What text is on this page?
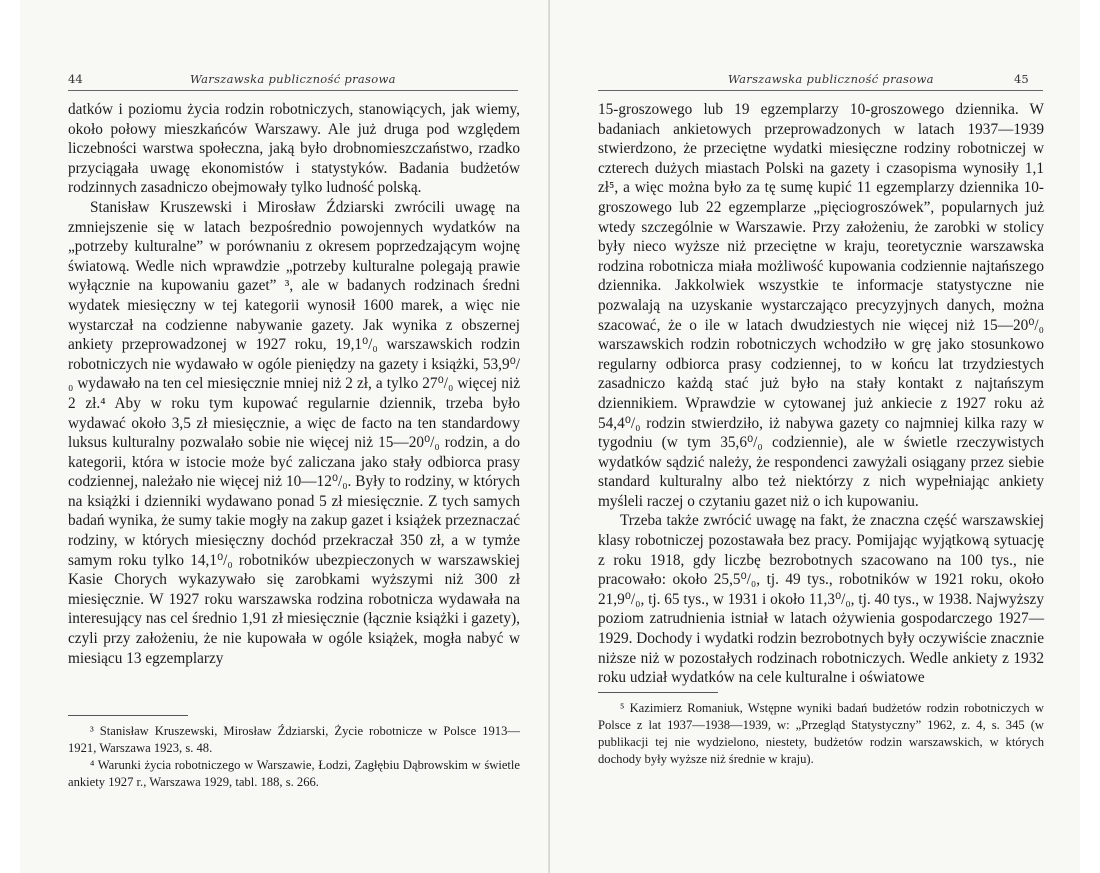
44	Warszawska publiczność prasowa

datków i poziomu życia rodzin robotniczych, stanowiących, jak wiemy, około połowy mieszkańców Warszawy. Ale już druga pod względem liczebności warstwa społeczna, jaką było drobnomieszczaństwo, rzadko przyciągała uwagę ekonomistów i statystyków. Badania budżetów rodzinnych zasadniczo obejmowały tylko ludność polską.

Stanisław Kruszewski i Mirosław Ździarski zwrócili uwagę na zmniejszenie się w latach bezpośrednio powojennych wydatków na „potrzeby kulturalne” w porównaniu z okresem poprzedzającym wojnę światową. Wedle nich wprawdzie „potrzeby kulturalne polegają prawie wyłącznie na kupowaniu gazet” ³, ale w badanych rodzinach średni wydatek miesięczny w tej kategorii wynosił 1600 marek, a więc nie wystarczał na codzienne nabywanie gazety. Jak wynika z obszernej ankiety przeprowadzonej w 1927 roku, 19,1⁰/₀ warszawskich rodzin robotniczych nie wydawało w ogóle pieniędzy na gazety i książki, 53,9⁰/₀ wydawało na ten cel miesięcznie mniej niż 2 zł, a tylko 27⁰/₀ więcej niż 2 zł.⁴ Aby w roku tym kupować regularnie dziennik, trzeba było wydawać około 3,5 zł miesięcznie, a więc de facto na ten standardowy luksus kulturalny pozwalało sobie nie więcej niż 15—20⁰/₀ rodzin, a do kategorii, która w istocie może być zaliczana jako stały odbiorca prasy codziennej, należało nie więcej niż 10—12⁰/₀. Były to rodziny, w których na książki i dzienniki wydawano ponad 5 zł miesięcznie. Z tych samych badań wynika, że sumy takie mogły na zakup gazet i książek przeznaczać rodziny, w których miesięczny dochód przekraczał 350 zł, a w tymże samym roku tylko 14,1⁰/₀ robotników ubezpieczonych w warszawskiej Kasie Chorych wykazywało się zarobkami wyższymi niż 300 zł miesięcznie. W 1927 roku warszawska rodzina robotnicza wydawała na interesujący nas cel średnio 1,91 zł miesięcznie (łącznie książki i gazety), czyli przy założeniu, że nie kupowała w ogóle książek, mogła nabyć w miesiącu 13 egzemplarzy

³ Stanisław Kruszewski, Mirosław Ździarski, Życie robotnicze w Polsce 1913—1921, Warszawa 1923, s. 48.

⁴ Warunki życia robotniczego w Warszawie, Łodzi, Zagłębiu Dąbrowskim w świetle ankiety 1927 r., Warszawa 1929, tabl. 188, s. 266.

Warszawska publiczność prasowa	45

15-groszowego lub 19 egzemplarzy 10-groszowego dziennika. W badaniach ankietowych przeprowadzonych w latach 1937—1939 stwierdzono, że przeciętne wydatki miesięczne rodziny robotniczej w czterech dużych miastach Polski na gazety i czasopisma wynosiły 1,1 zł⁵, a więc można było za tę sumę kupić 11 egzemplarzy dziennika 10-groszowego lub 22 egzemplarze „pięciogroszówek”, popularnych już wtedy szczególnie w Warszawie. Przy założeniu, że zarobki w stolicy były nieco wyższe niż przeciętne w kraju, teoretycznie warszawska rodzina robotnicza miała możliwość kupowania codziennie najtańszego dziennika. Jakkolwiek wszystkie te informacje statystyczne nie pozwalają na uzyskanie wystarczająco precyzyjnych danych, można szacować, że o ile w latach dwudziestych nie więcej niż 15—20⁰/₀ warszawskich rodzin robotniczych wchodziło w grę jako stosunkowo regularny odbiorca prasy codziennej, to w końcu lat trzydziestych zasadniczo każdą stać już było na stały kontakt z najtańszym dziennikiem. Wprawdzie w cytowanej już ankiecie z 1927 roku aż 54,4⁰/₀ rodzin stwierdziło, iż nabywa gazety co najmniej kilka razy w tygodniu (w tym 35,6⁰/₀ codziennie), ale w świetle rzeczywistych wydatków sądzić należy, że respondenci zawyżali osiągany przez siebie standard kulturalny albo też niektórzy z nich wypełniając ankiety myśleli raczej o czytaniu gazet niż o ich kupowaniu.

Trzeba także zwrócić uwagę na fakt, że znaczna część warszawskiej klasy robotniczej pozostawała bez pracy. Pomijając wyjątkową sytuację z roku 1918, gdy liczbę bezrobotnych szacowano na 100 tys., nie pracowało: około 25,5⁰/₀, tj. 49 tys., robotników w 1921 roku, około 21,9⁰/₀, tj. 65 tys., w 1931 i około 11,3⁰/₀, tj. 40 tys., w 1938. Najwyższy poziom zatrudnienia istniał w latach ożywienia gospodarczego 1927—1929. Dochody i wydatki rodzin bezrobotnych były oczywiście znacznie niższe niż w pozostałych rodzinach robotniczych. Wedle ankiety z 1932 roku udział wydatków na cele kulturalne i oświatowe

⁵ Kazimierz Romaniuk, Wstępne wyniki badań budżetów rodzin robotniczych w Polsce z lat 1937—1938—1939, w: „Przegląd Statystyczny” 1962, z. 4, s. 345 (w publikacji tej nie wydzielono, niestety, budżetów rodzin warszawskich, w których dochody były wyższe niż średnie w kraju).
